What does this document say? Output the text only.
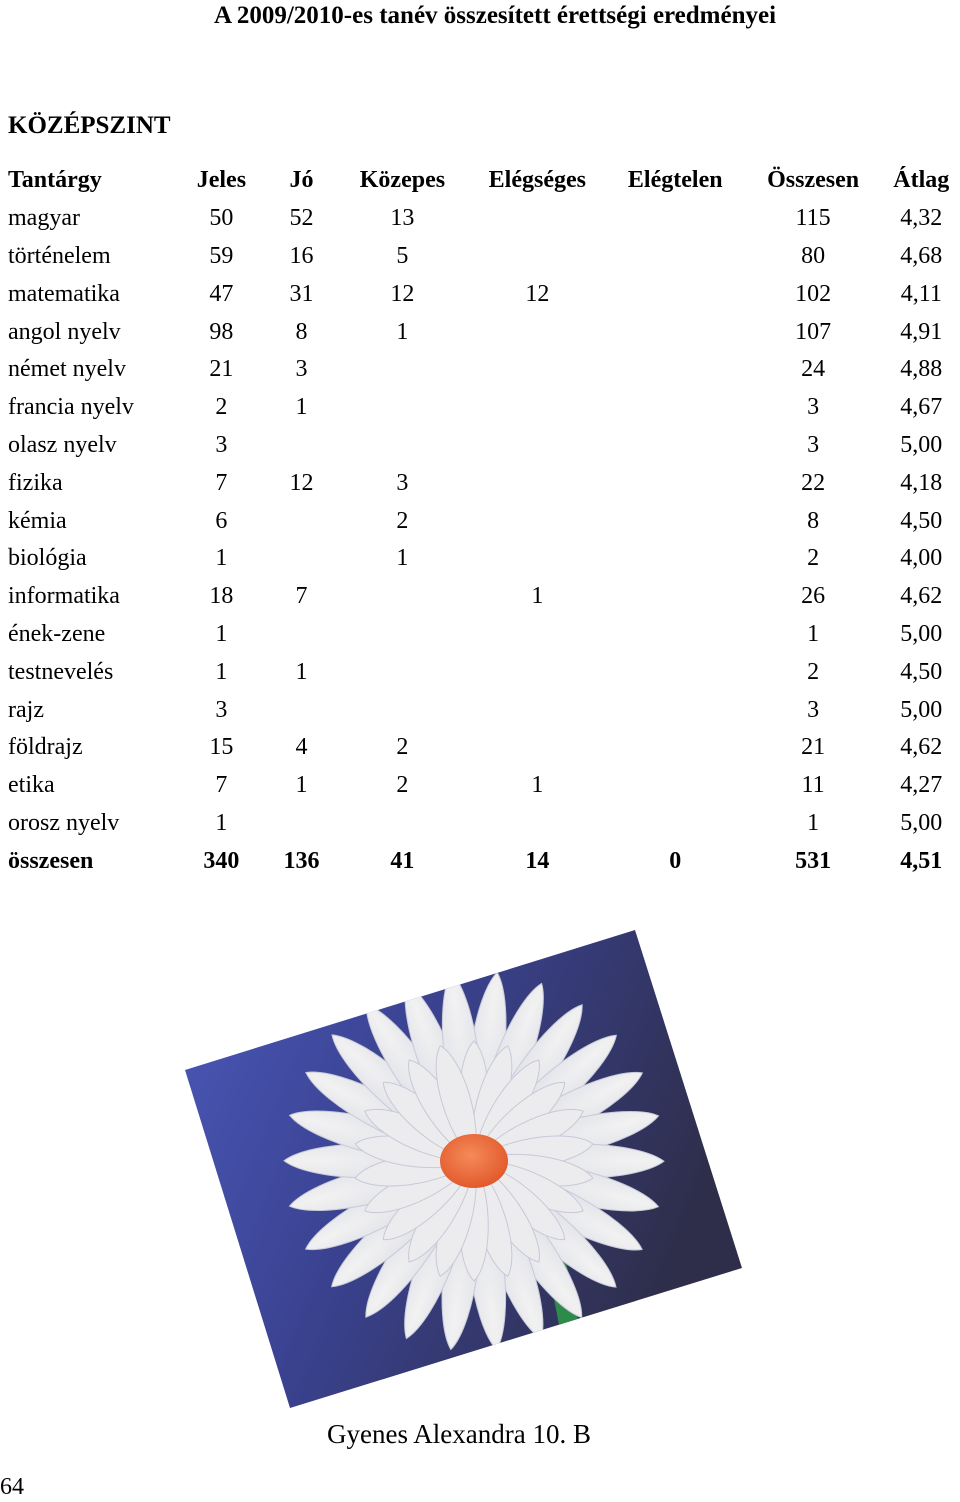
A 2009/2010-es tanév összesített érettségi eredményei
KÖZÉPSZINT
Tantárgy	Jeles	Jó	Közepes	Elégséges	Elégtelen	Összesen	Átlag
magyar	50	52	13			115	4,32
történelem	59	16	5			80	4,68
matematika	47	31	12	12		102	4,11
angol nyelv	98	8	1			107	4,91
német nyelv	21	3				24	4,88
francia nyelv	2	1				3	4,67
olasz nyelv	3					3	5,00
fizika	7	12	3			22	4,18
kémia	6		2			8	4,50
biológia	1		1			2	4,00
informatika	18	7		1		26	4,62
ének-zene	1					1	5,00
testnevelés	1	1				2	4,50
rajz	3					3	5,00
földrajz	15	4	2			21	4,62
etika	7	1	2	1		11	4,27
orosz nyelv	1					1	5,00
összesen	340	136	41	14	0	531	4,51
Gyenes Alexandra 10. B
64
